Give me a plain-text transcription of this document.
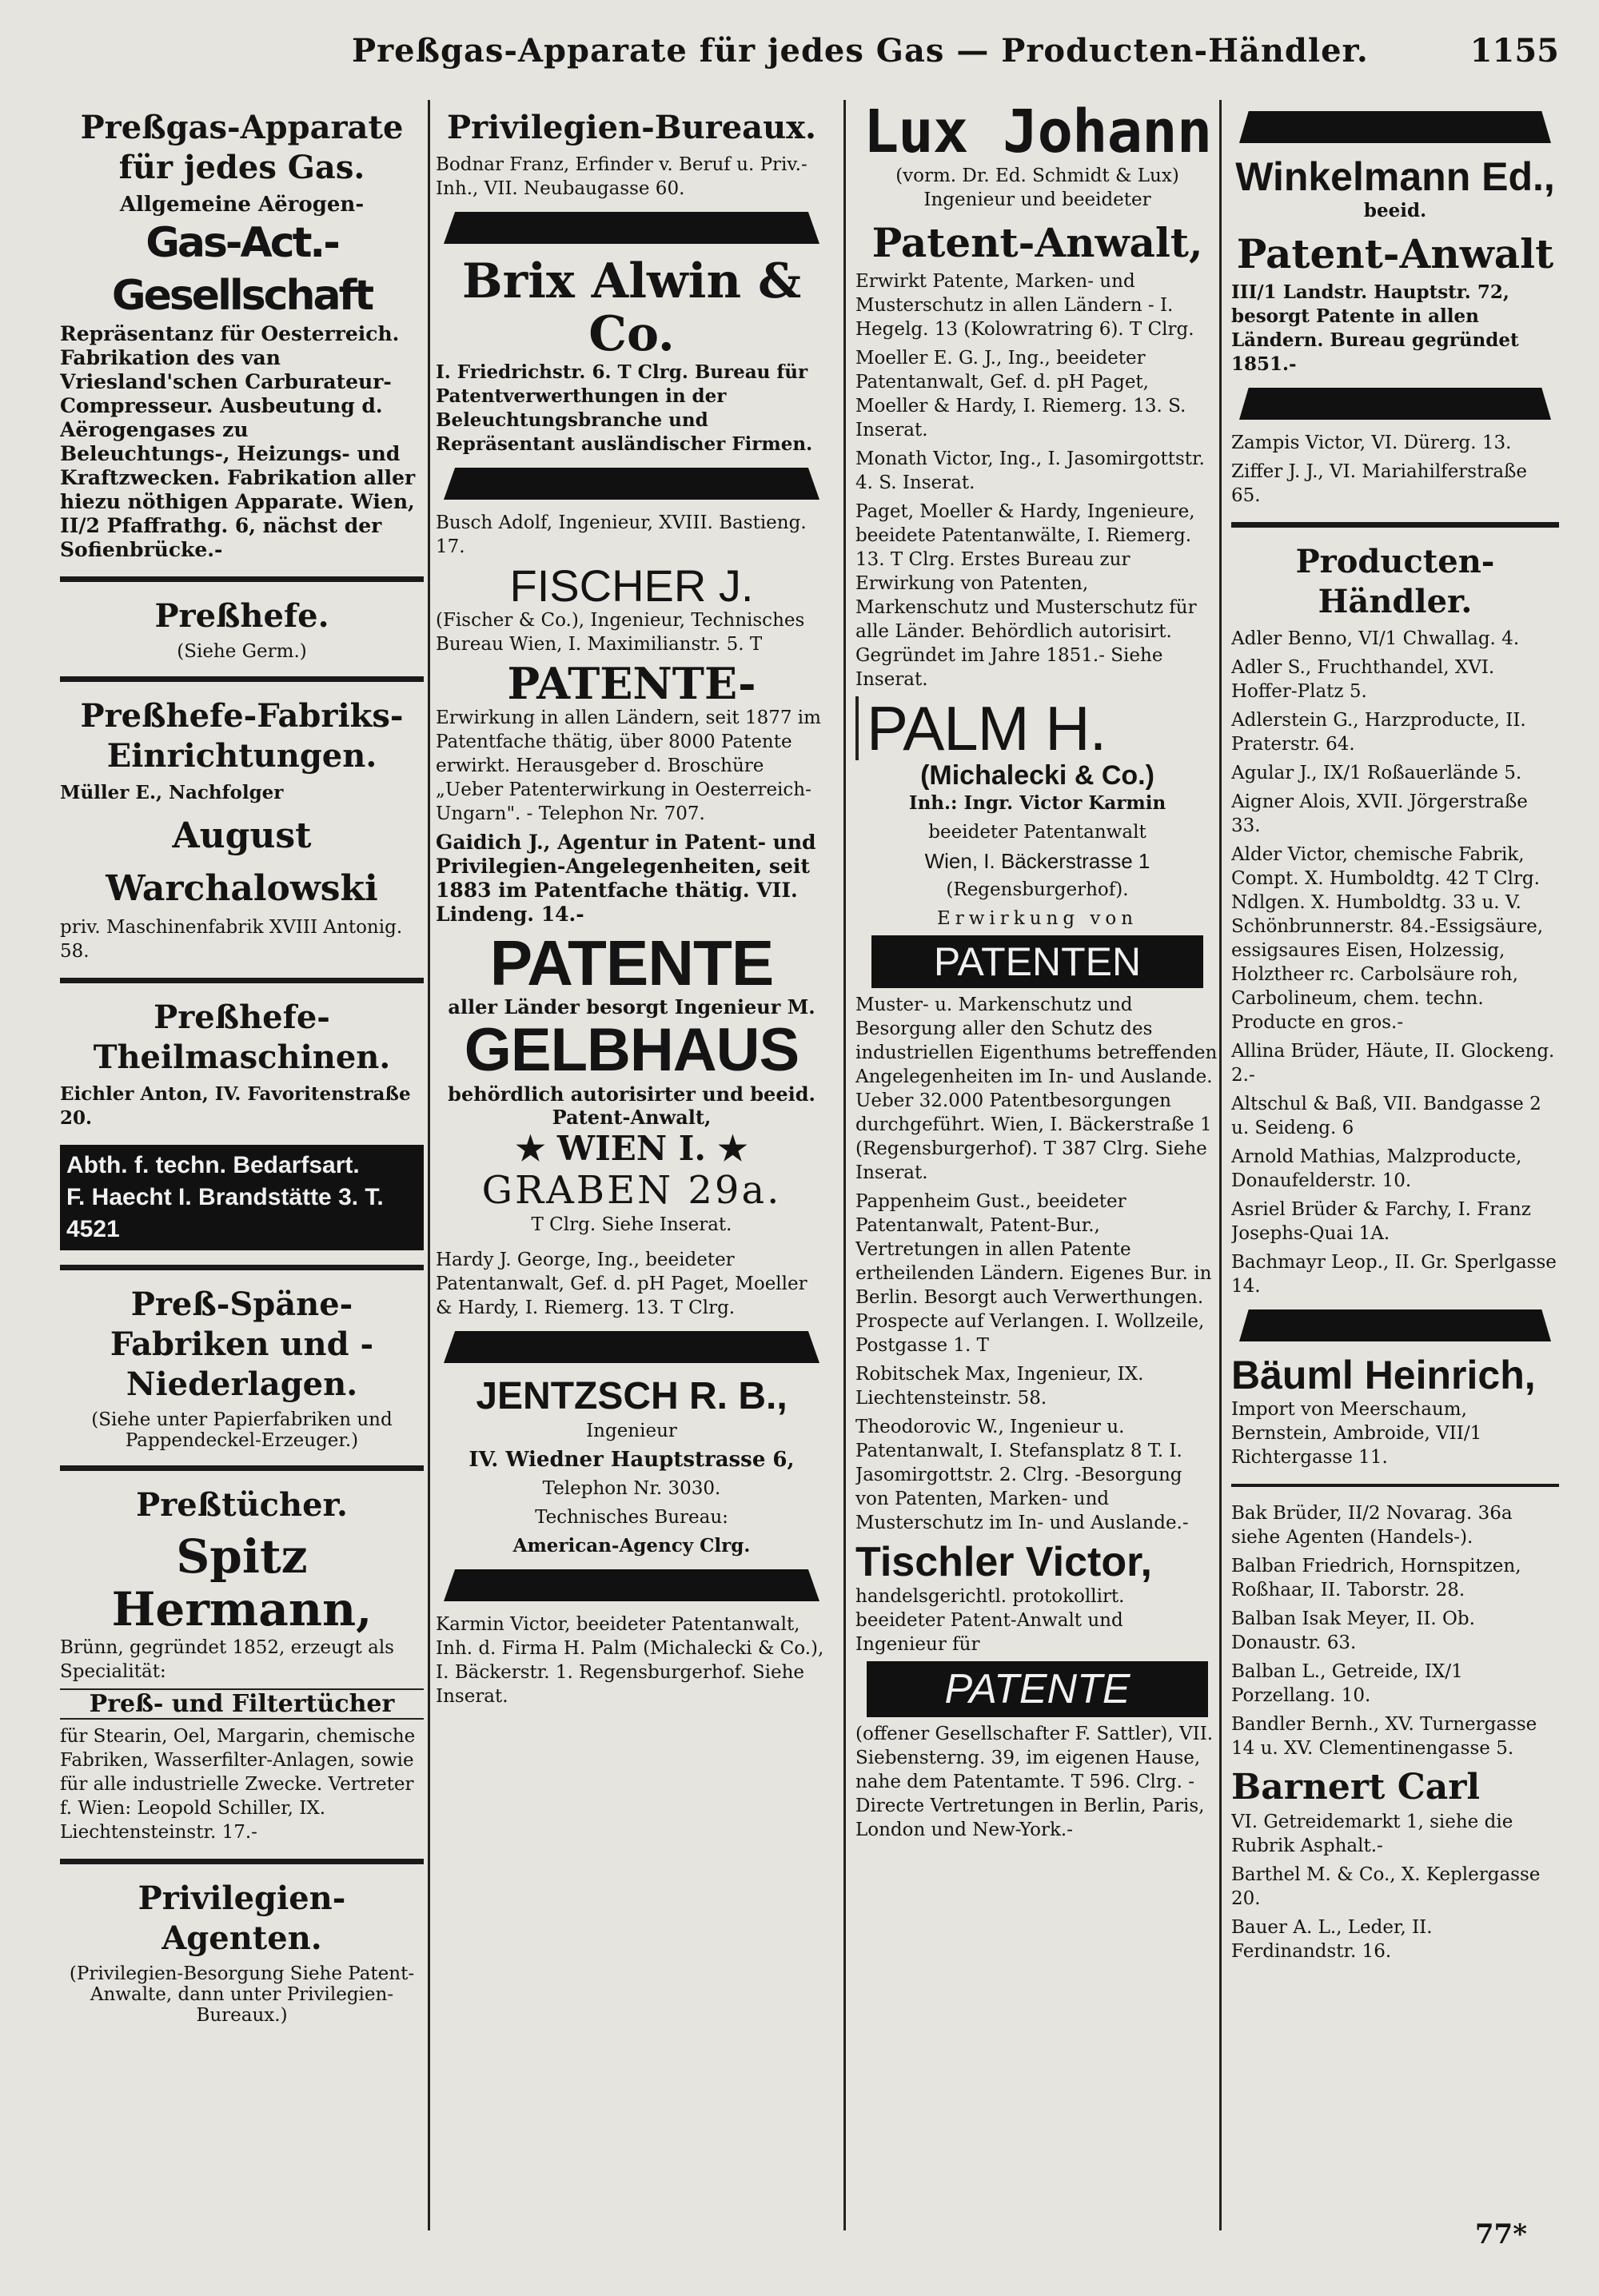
Preßgas-Apparate für jedes Gas — Producten-Händler.	1155

Preßgas-Apparate für jedes Gas.

Allgemeine Aërogen-

Gas-Act.-Gesellschaft

Repräsentanz für Oesterreich. Fabrikation des van Vriesland'schen Carburateur-Compresseur. Ausbeutung d. Aërogengases zu Beleuchtungs-, Heizungs- und Kraftzwecken. Fabrikation aller hiezu nöthigen Apparate. Wien, II/2 Pfaffrathg. 6, nächst der Sofienbrücke.-

Preßhefe.

(Siehe Germ.)

Preßhefe-Fabriks-Einrichtungen.

Müller E., Nachfolger

August Warchalowski

priv. Maschinenfabrik XVIII Antonig. 58.

Preßhefe-Theilmaschinen.

Eichler Anton, IV. Favoritenstraße 20.

Abth. f. techn. Bedarfsart.
F. Haecht I. Brandstätte 3. T. 4521

Preß-Späne-Fabriken und -Niederlagen.

(Siehe unter Papierfabriken und Pappendeckel-Erzeuger.)

Preßtücher.

Spitz Hermann,

Brünn, gegründet 1852, erzeugt als Specialität:

Preß- und Filtertücher

für Stearin, Oel, Margarin, chemische Fabriken, Wasserfilter-Anlagen, sowie für alle industrielle Zwecke. Vertreter f. Wien: Leopold Schiller, IX. Liechtensteinstr. 17.-

Privilegien-Agenten.

(Privilegien-Besorgung Siehe Patent-Anwalte, dann unter Privilegien-Bureaux.)

Privilegien-Bureaux.

Bodnar Franz, Erfinder v. Beruf u. Priv.-Inh., VII. Neubaugasse 60.

Brix Alwin & Co.

I. Friedrichstr. 6. T Clrg. Bureau für Patentverwerthungen in der Beleuchtungsbranche und Repräsentant ausländischer Firmen.

Busch Adolf, Ingenieur, XVIII. Bastieng. 17.

FISCHER J.

(Fischer & Co.), Ingenieur, Technisches Bureau Wien, I. Maximilianstr. 5. T

PATENTE-

Erwirkung in allen Ländern, seit 1877 im Patentfache thätig, über 8000 Patente erwirkt. Herausgeber d. Broschüre „Ueber Patenterwirkung in Oesterreich-Ungarn". - Telephon Nr. 707.

Gaidich J., Agentur in Patent- und Privilegien-Angelegenheiten, seit 1883 im Patentfache thätig. VII. Lindeng. 14.-

PATENTE

aller Länder besorgt Ingenieur M.

GELBHAUS

behördlich autorisirter und beeid. Patent-Anwalt,

★ WIEN I. ★

GRABEN 29a.

T Clrg. Siehe Inserat.

Hardy J. George, Ing., beeideter Patentanwalt, Gef. d. pH Paget, Moeller & Hardy, I. Riemerg. 13. T Clrg.

JENTZSCH R. B.,

Ingenieur

IV. Wiedner Hauptstrasse 6,

Telephon Nr. 3030.

Technisches Bureau:

American-Agency Clrg.

Karmin Victor, beeideter Patentanwalt, Inh. d. Firma H. Palm (Michalecki & Co.), I. Bäckerstr. 1. Regensburgerhof. Siehe Inserat.

Lux Johann

(vorm. Dr. Ed. Schmidt & Lux) Ingenieur und beeideter

Patent-Anwalt,

Erwirkt Patente, Marken- und Musterschutz in allen Ländern - I. Hegelg. 13 (Kolowratring 6). T Clrg.

Moeller E. G. J., Ing., beeideter Patentanwalt, Gef. d. pH Paget, Moeller & Hardy, I. Riemerg. 13. S. Inserat.

Monath Victor, Ing., I. Jasomirgottstr. 4. S. Inserat.

Paget, Moeller & Hardy, Ingenieure, beeidete Patentanwälte, I. Riemerg. 13. T Clrg. Erstes Bureau zur Erwirkung von Patenten, Markenschutz und Musterschutz für alle Länder. Behördlich autorisirt. Gegründet im Jahre 1851.- Siehe Inserat.

PALM H.

(Michalecki & Co.)

Inh.: Ingr. Victor Karmin

beeideter Patentanwalt

Wien, I. Bäckerstrasse 1

(Regensburgerhof).

Erwirkung von

PATENTEN

Muster- u. Markenschutz und Besorgung aller den Schutz des industriellen Eigenthums betreffenden Angelegenheiten im In- und Auslande. Ueber 32.000 Patentbesorgungen durchgeführt. Wien, I. Bäckerstraße 1 (Regensburgerhof). T 387 Clrg. Siehe Inserat.

Pappenheim Gust., beeideter Patentanwalt, Patent-Bur., Vertretungen in allen Patente ertheilenden Ländern. Eigenes Bur. in Berlin. Besorgt auch Verwerthungen. Prospecte auf Verlangen. I. Wollzeile, Postgasse 1. T

Robitschek Max, Ingenieur, IX. Liechtensteinstr. 58.

Theodorovic W., Ingenieur u. Patentanwalt, I. Stefansplatz 8 T. I. Jasomirgottstr. 2. Clrg. -Besorgung von Patenten, Marken- und Musterschutz im In- und Auslande.-

Tischler Victor,

handelsgerichtl. protokollirt. beeideter Patent-Anwalt und Ingenieur für

PATENTE

(offener Gesellschafter F. Sattler), VII. Siebensterng. 39, im eigenen Hause, nahe dem Patentamte. T 596. Clrg. -Directe Vertretungen in Berlin, Paris, London und New-York.-

Winkelmann Ed.,

beeid.

Patent-Anwalt

III/1 Landstr. Hauptstr. 72, besorgt Patente in allen Ländern. Bureau gegründet 1851.-

Zampis Victor, VI. Dürerg. 13.

Ziffer J. J., VI. Mariahilferstraße 65.

Producten-Händler.

Adler Benno, VI/1 Chwallag. 4.

Adler S., Fruchthandel, XVI. Hoffer-Platz 5.

Adlerstein G., Harzproducte, II. Praterstr. 64.

Agular J., IX/1 Roßauerlände 5.

Aigner Alois, XVII. Jörgerstraße 33.

Alder Victor, chemische Fabrik, Compt. X. Humboldtg. 42 T Clrg. Ndlgen. X. Humboldtg. 33 u. V. Schönbrunnerstr. 84.-Essigsäure, essigsaures Eisen, Holzessig, Holztheer rc. Carbolsäure roh, Carbolineum, chem. techn. Producte en gros.-

Allina Brüder, Häute, II. Glockeng. 2.-

Altschul & Baß, VII. Bandgasse 2 u. Seideng. 6

Arnold Mathias, Malzproducte, Donaufelderstr. 10.

Asriel Brüder & Farchy, I. Franz Josephs-Quai 1A.

Bachmayr Leop., II. Gr. Sperlgasse 14.

Bäuml Heinrich,

Import von Meerschaum, Bernstein, Ambroide, VII/1 Richtergasse 11.

Bak Brüder, II/2 Novarag. 36a siehe Agenten (Handels-).

Balban Friedrich, Hornspitzen, Roßhaar, II. Taborstr. 28.

Balban Isak Meyer, II. Ob. Donaustr. 63.

Balban L., Getreide, IX/1 Porzellang. 10.

Bandler Bernh., XV. Turnergasse 14 u. XV. Clementinengasse 5.

Barnert Carl

VI. Getreidemarkt 1, siehe die Rubrik Asphalt.-

Barthel M. & Co., X. Keplergasse 20.

Bauer A. L., Leder, II. Ferdinandstr. 16.

77*
